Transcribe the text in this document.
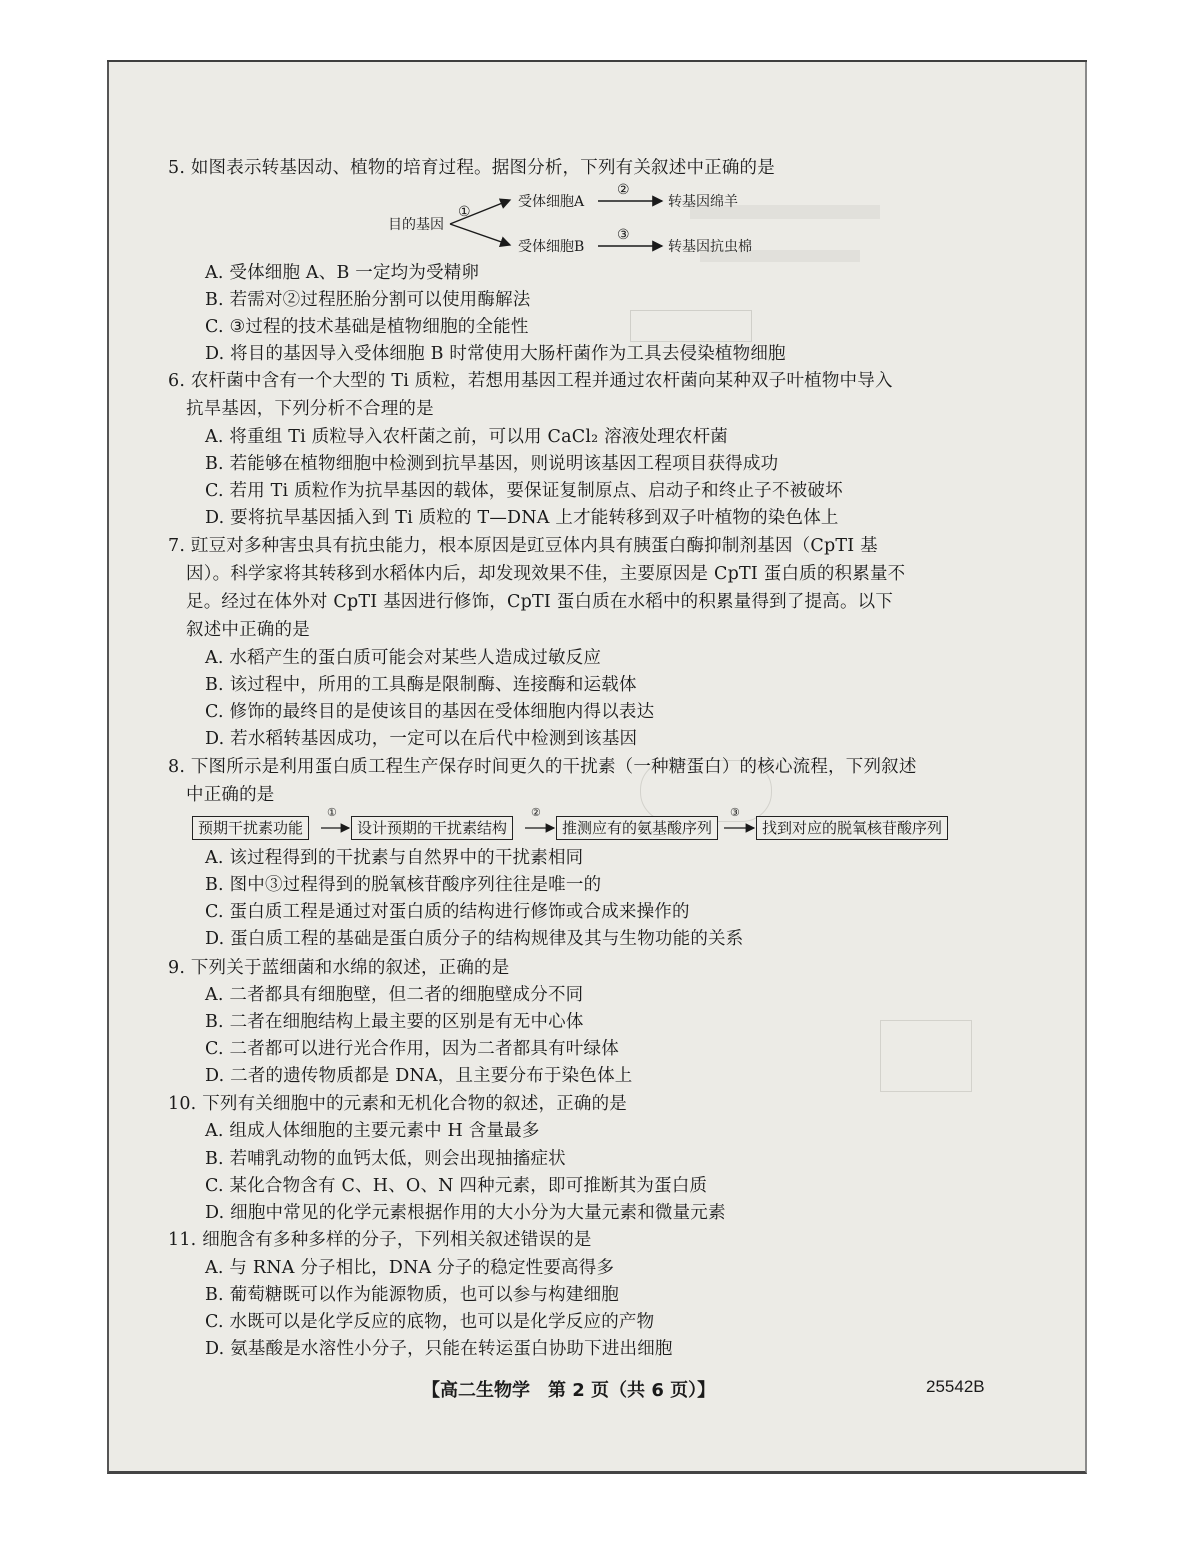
5. 如图表示转基因动、植物的培育过程。据图分析，下列有关叙述中正确的是
目的基因
①
受体细胞A
②
转基因绵羊
受体细胞B
③
转基因抗虫棉
A. 受体细胞 A、B 一定均为受精卵
B. 若需对②过程胚胎分割可以使用酶解法
C. ③过程的技术基础是植物细胞的全能性
D. 将目的基因导入受体细胞 B 时常使用大肠杆菌作为工具去侵染植物细胞
6. 农杆菌中含有一个大型的 Ti 质粒，若想用基因工程并通过农杆菌向某种双子叶植物中导入
抗旱基因，下列分析不合理的是
A. 将重组 Ti 质粒导入农杆菌之前，可以用 CaCl₂ 溶液处理农杆菌
B. 若能够在植物细胞中检测到抗旱基因，则说明该基因工程项目获得成功
C. 若用 Ti 质粒作为抗旱基因的载体，要保证复制原点、启动子和终止子不被破坏
D. 要将抗旱基因插入到 Ti 质粒的 T—DNA 上才能转移到双子叶植物的染色体上
7. 豇豆对多种害虫具有抗虫能力，根本原因是豇豆体内具有胰蛋白酶抑制剂基因（CpTI 基
因）。科学家将其转移到水稻体内后，却发现效果不佳，主要原因是 CpTI 蛋白质的积累量不
足。经过在体外对 CpTI 基因进行修饰，CpTI 蛋白质在水稻中的积累量得到了提高。以下
叙述中正确的是
A. 水稻产生的蛋白质可能会对某些人造成过敏反应
B. 该过程中，所用的工具酶是限制酶、连接酶和运载体
C. 修饰的最终目的是使该目的基因在受体细胞内得以表达
D. 若水稻转基因成功，一定可以在后代中检测到该基因
8. 下图所示是利用蛋白质工程生产保存时间更久的干扰素（一种糖蛋白）的核心流程，下列叙述
中正确的是
预期干扰素功能
①
设计预期的干扰素结构
②
推测应有的氨基酸序列
③
找到对应的脱氧核苷酸序列
A. 该过程得到的干扰素与自然界中的干扰素相同
B. 图中③过程得到的脱氧核苷酸序列往往是唯一的
C. 蛋白质工程是通过对蛋白质的结构进行修饰或合成来操作的
D. 蛋白质工程的基础是蛋白质分子的结构规律及其与生物功能的关系
9. 下列关于蓝细菌和水绵的叙述，正确的是
A. 二者都具有细胞壁，但二者的细胞壁成分不同
B. 二者在细胞结构上最主要的区别是有无中心体
C. 二者都可以进行光合作用，因为二者都具有叶绿体
D. 二者的遗传物质都是 DNA，且主要分布于染色体上
10. 下列有关细胞中的元素和无机化合物的叙述，正确的是
A. 组成人体细胞的主要元素中 H 含量最多
B. 若哺乳动物的血钙太低，则会出现抽搐症状
C. 某化合物含有 C、H、O、N 四种元素，即可推断其为蛋白质
D. 细胞中常见的化学元素根据作用的大小分为大量元素和微量元素
11. 细胞含有多种多样的分子，下列相关叙述错误的是
A. 与 RNA 分子相比，DNA 分子的稳定性要高得多
B. 葡萄糖既可以作为能源物质，也可以参与构建细胞
C. 水既可以是化学反应的底物，也可以是化学反应的产物
D. 氨基酸是水溶性小分子，只能在转运蛋白协助下进出细胞
【高二生物学　第 2 页（共 6 页）】	25542B
